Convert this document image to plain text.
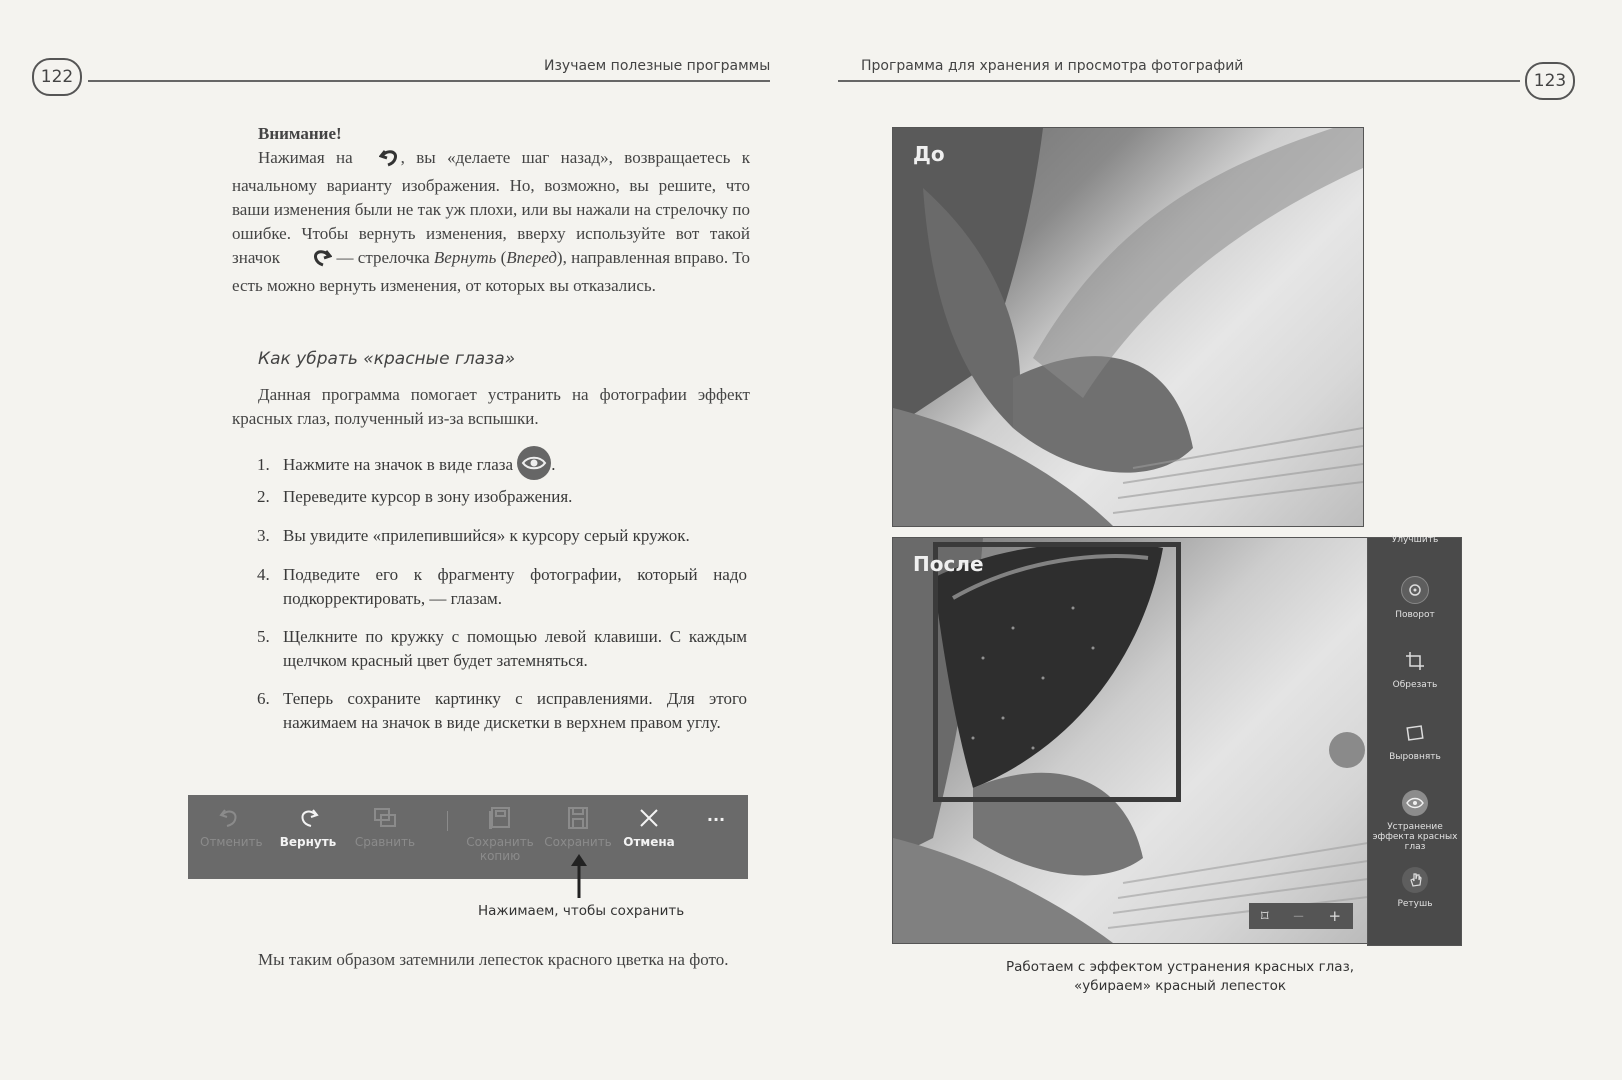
122
Изучаем полезные программы	Программа для хранения и просмотра фотографий
123
Внимание!
Нажимая на	, вы «делаете шаг назад», возвращаетесь к начальному варианту изображения. Но, возможно, вы решите, что ваши изменения были не так уж плохи, или вы нажали на стрелочку по ошибке. Чтобы вернуть изменения, вверху используйте вот такой значок	— стрелочка Вернуть (Вперед), направленная вправо. То есть можно вернуть изменения, от которых вы отказались.
Как убрать «красные глаза»
Данная программа помогает устранить на фотографии эффект красных глаз, полученный из-за вспышки.
1. Нажмите на значок в виде глаза .
2. Переведите курсор в зону изображения.
3. Вы увидите «прилепившийся» к курсору серый кружок.
4. Подведите его к фрагменту фотографии, который надо подкорректировать, — глазам.
5. Щелкните по кружку с помощью левой клавиши. С каждым щелчком красный цвет будет затемняться.
6. Теперь сохраните картинку с исправлениями. Для этого нажимаем на значок в виде дискетки в верхнем правом углу.
Отменить Вернуть Сравнить	Сохранить
копию
Сохранить Отмена
···
Нажимаем, чтобы сохранить
Мы таким образом затемнили лепесток красного цветка на фото.
До
После
⌑ − +
Улучшить
Поворот
Обрезать
Выровнять
Устранение
эффекта красных
глаз
Ретушь
Работаем с эффектом устранения красных глаз,
«убираем» красный лепесток
